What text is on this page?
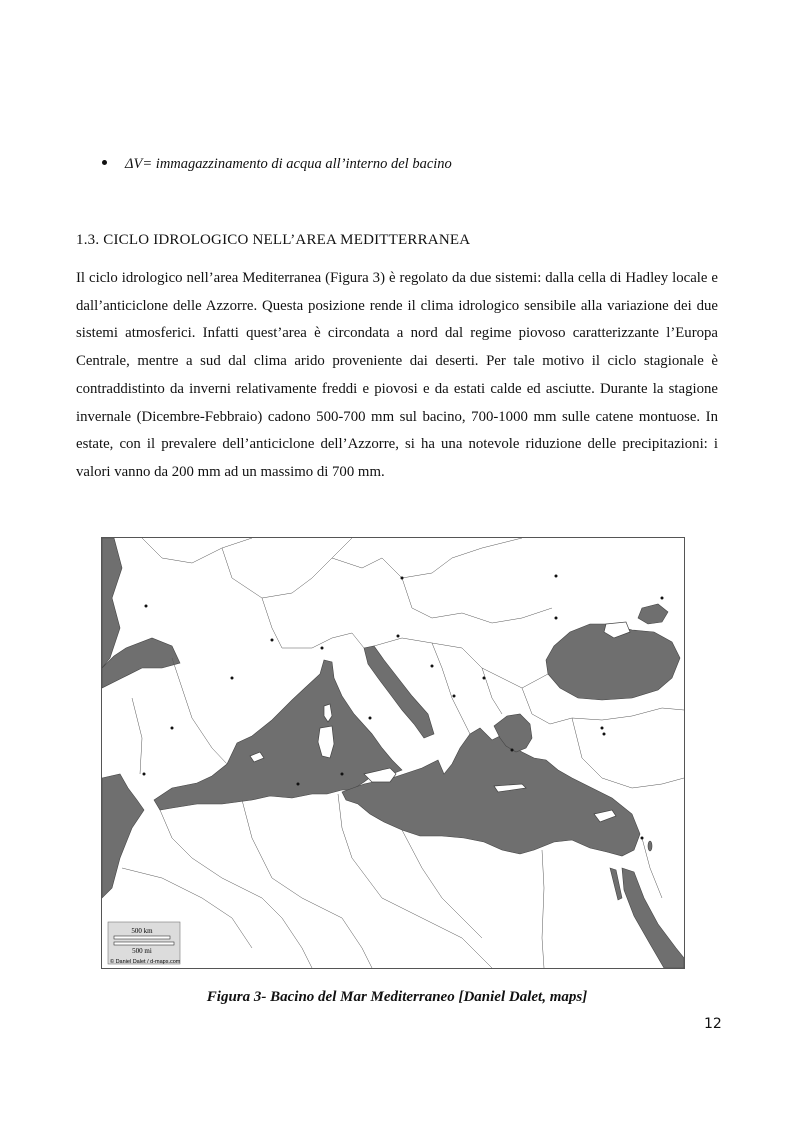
ΔV= immagazzinamento di acqua all’interno del bacino
1.3. CICLO IDROLOGICO NELL’AREA MEDITTERRANEA

Il ciclo idrologico nell’area Mediterranea (Figura 3) è regolato da due sistemi: dalla cella di Hadley locale e dall’anticiclone delle Azzorre. Questa posizione rende il clima idrologico sensibile alla variazione dei due sistemi atmosferici. Infatti quest’area è circondata a nord dal regime piovoso caratterizzante l’Europa Centrale, mentre a sud dal clima arido proveniente dai deserti. Per tale motivo il ciclo stagionale è contraddistinto da inverni relativamente freddi e piovosi e da estati calde ed asciutte. Durante la stagione invernale (Dicembre-Febbraio) cadono 500-700 mm sul bacino, 700-1000 mm sulle catene montuose. In estate, con il prevalere dell’anticiclone dell’Azzorre, si ha una notevole riduzione delle precipitazioni: i valori vanno da 200 mm ad un massimo di 700 mm.

500 km
500 mi
© Daniel Dalet / d-maps.com
Figura 3- Bacino del Mar Mediterraneo [Daniel Dalet, maps]
12
